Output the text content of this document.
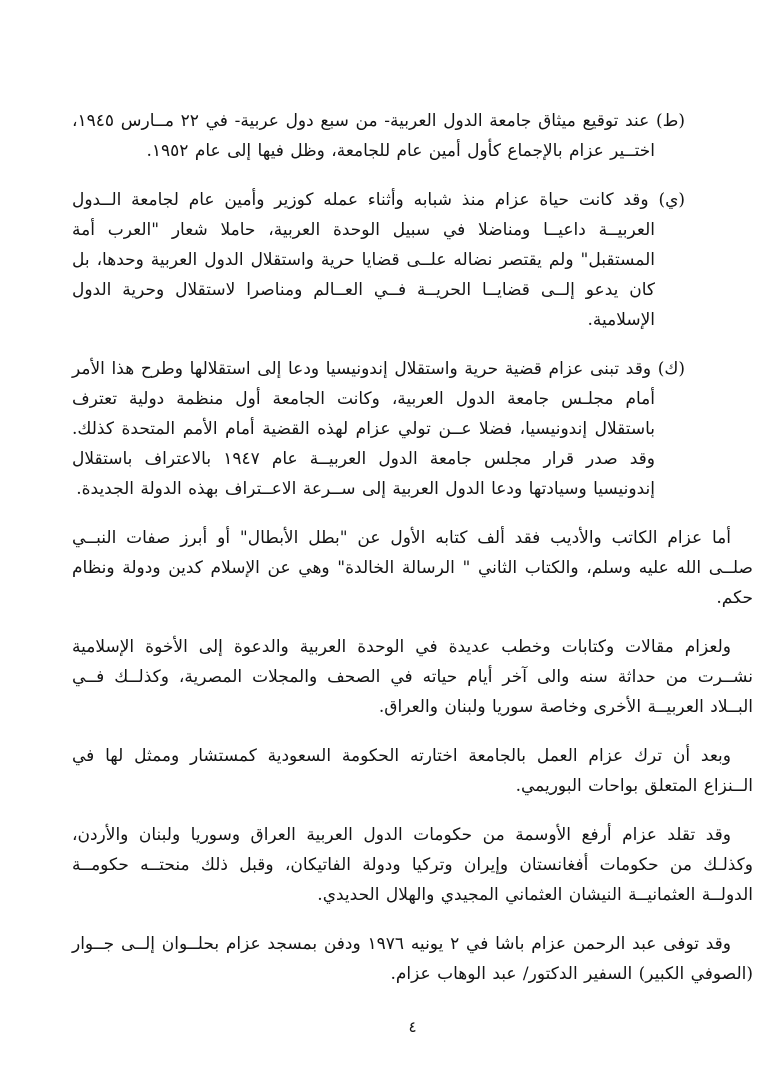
(ط) عند توقيع ميثاق جامعة الدول العربية- من سبع دول عربية- في ٢٢ مــارس ١٩٤٥، اختــير عزام بالإجماع كأول أمين عام للجامعة، وظل فيها إلى عام ١٩٥٢.

(ي) وقد كانت حياة عزام منذ شبابه وأثناء عمله كوزير وأمين عام لجامعة الــدول العربيــة داعيــا ومناضلا في سبيل الوحدة العربية، حاملا شعار "العرب أمة المستقبل" ولم يقتصر نضاله علــى قضايا حرية واستقلال الدول العربية وحدها، بل كان يدعو إلــى قضايــا الحريــة فــي العــالم ومناصرا لاستقلال وحرية الدول الإسلامية.

(ك) وقد تبنى عزام قضية حرية واستقلال إندونيسيا ودعا إلى استقلالها وطرح هذا الأمر أمام مجلـس جامعة الدول العربية، وكانت الجامعة أول منظمة دولية تعترف باستقلال إندونيسيا، فضلا عــن تولي عزام لهذه القضية أمام الأمم المتحدة كذلك. وقد صدر قرار مجلس جامعة الدول العربيــة عام ١٩٤٧ بالاعتراف باستقلال إندونيسيا وسيادتها ودعا الدول العربية إلى ســرعة الاعــتراف بهذه الدولة الجديدة.

أما عزام الكاتب والأديب فقد ألف كتابه الأول عن "بطل الأبطال" أو أبرز صفات النبــي صلــى الله عليه وسلم، والكتاب الثاني " الرسالة الخالدة" وهي عن الإسلام كدين ودولة ونظام حكم.

ولعزام مقالات وكتابات وخطب عديدة في الوحدة العربية والدعوة إلى الأخوة الإسلامية نشــرت من حداثة سنه والى آخر أيام حياته في الصحف والمجلات المصرية، وكذلــك فــي البــلاد العربيــة الأخرى وخاصة سوريا ولبنان والعراق.

وبعد أن ترك عزام العمل بالجامعة اختارته الحكومة السعودية كمستشار وممثل لها في الــنزاع المتعلق بواحات البوريمي.

وقد تقلد عزام أرفع الأوسمة من حكومات الدول العربية العراق وسوريا ولبنان والأردن، وكذلـك من حكومات أفغانستان وإيران وتركيا ودولة الفاتيكان، وقبل ذلك منحتــه حكومــة الدولــة العثمانيــة النيشان العثماني المجيدي والهلال الحديدي.

وقد توفى عبد الرحمن عزام باشا في ٢ يونيه ١٩٧٦ ودفن بمسجد عزام بحلــوان إلــى جــوار (الصوفي الكبير) السفير الدكتور/ عبد الوهاب عزام.

٤
